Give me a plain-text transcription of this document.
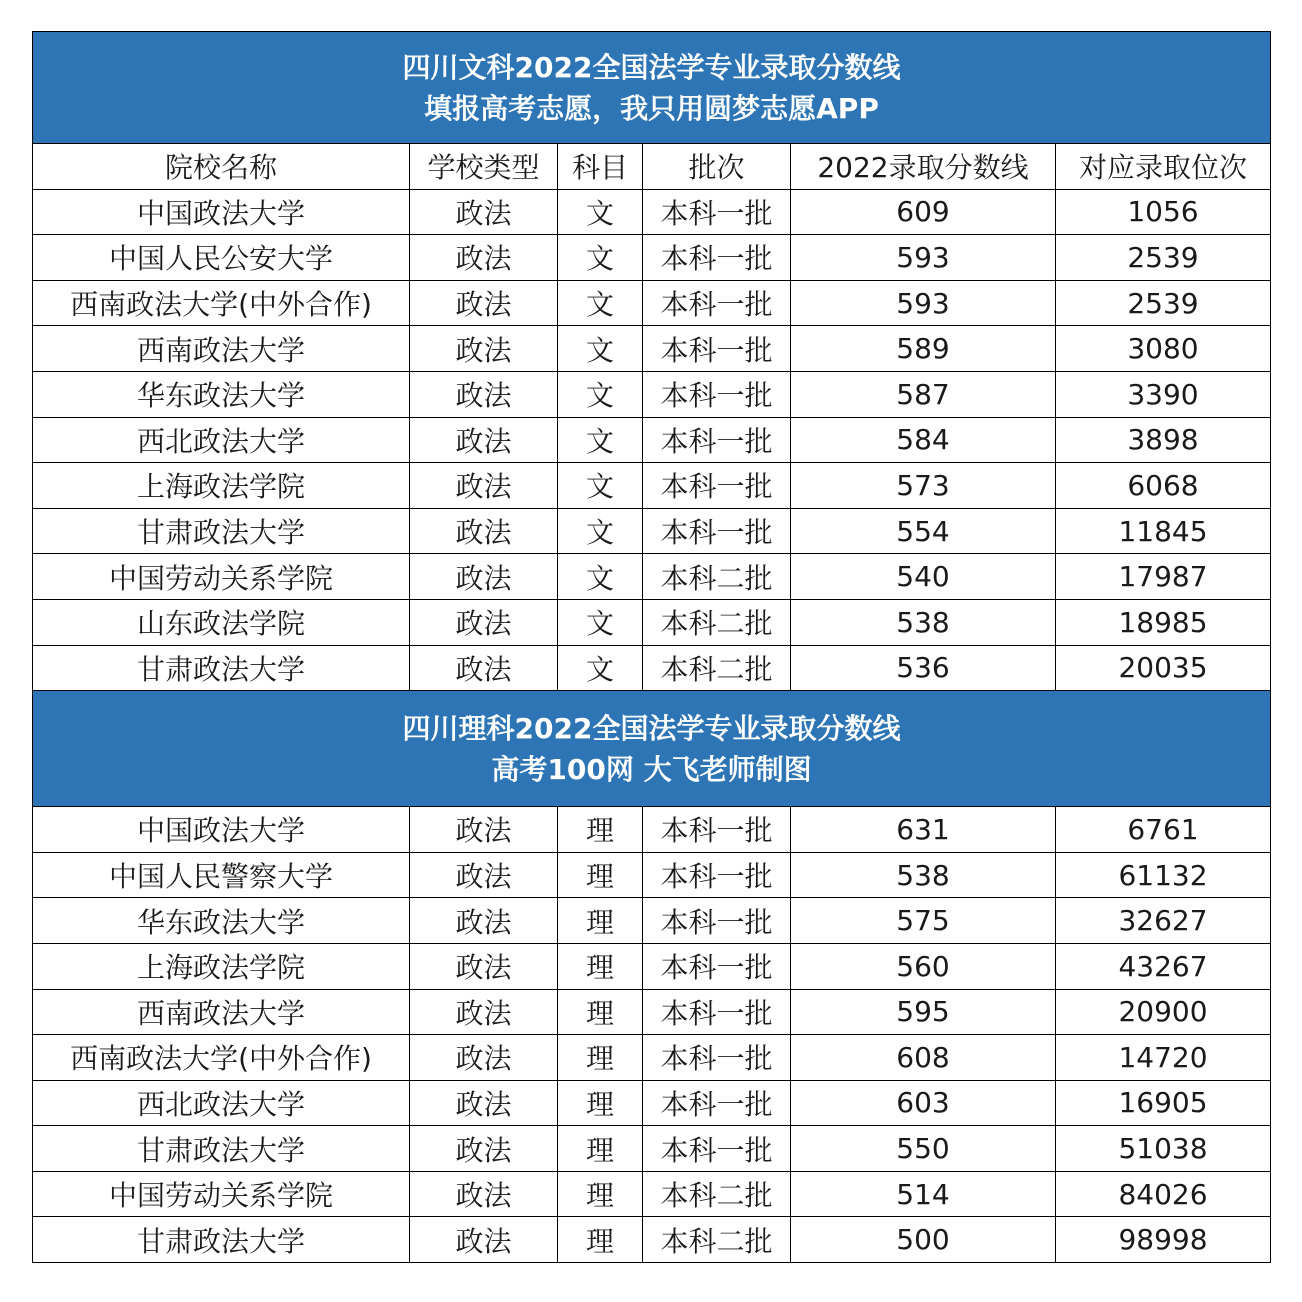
四川文科2022全国法学专业录取分数线
填报高考志愿，我只用圆梦志愿APP					

院校名称	学校类型	科目	批次	2022录取分数线	对应录取位次
中国政法大学	政法	文	本科一批	609	1056
中国人民公安大学	政法	文	本科一批	593	2539
西南政法大学(中外合作)	政法	文	本科一批	593	2539
西南政法大学	政法	文	本科一批	589	3080
华东政法大学	政法	文	本科一批	587	3390
西北政法大学	政法	文	本科一批	584	3898
上海政法学院	政法	文	本科一批	573	6068
甘肃政法大学	政法	文	本科一批	554	11845
中国劳动关系学院	政法	文	本科二批	540	17987
山东政法学院	政法	文	本科二批	538	18985
甘肃政法大学	政法	文	本科二批	536	20035

四川理科2022全国法学专业录取分数线
高考100网 大飞老师制图					

中国政法大学	政法	理	本科一批	631	6761
中国人民警察大学	政法	理	本科一批	538	61132
华东政法大学	政法	理	本科一批	575	32627
上海政法学院	政法	理	本科一批	560	43267
西南政法大学	政法	理	本科一批	595	20900
西南政法大学(中外合作)	政法	理	本科一批	608	14720
西北政法大学	政法	理	本科一批	603	16905
甘肃政法大学	政法	理	本科一批	550	51038
中国劳动关系学院	政法	理	本科二批	514	84026
甘肃政法大学	政法	理	本科二批	500	98998
